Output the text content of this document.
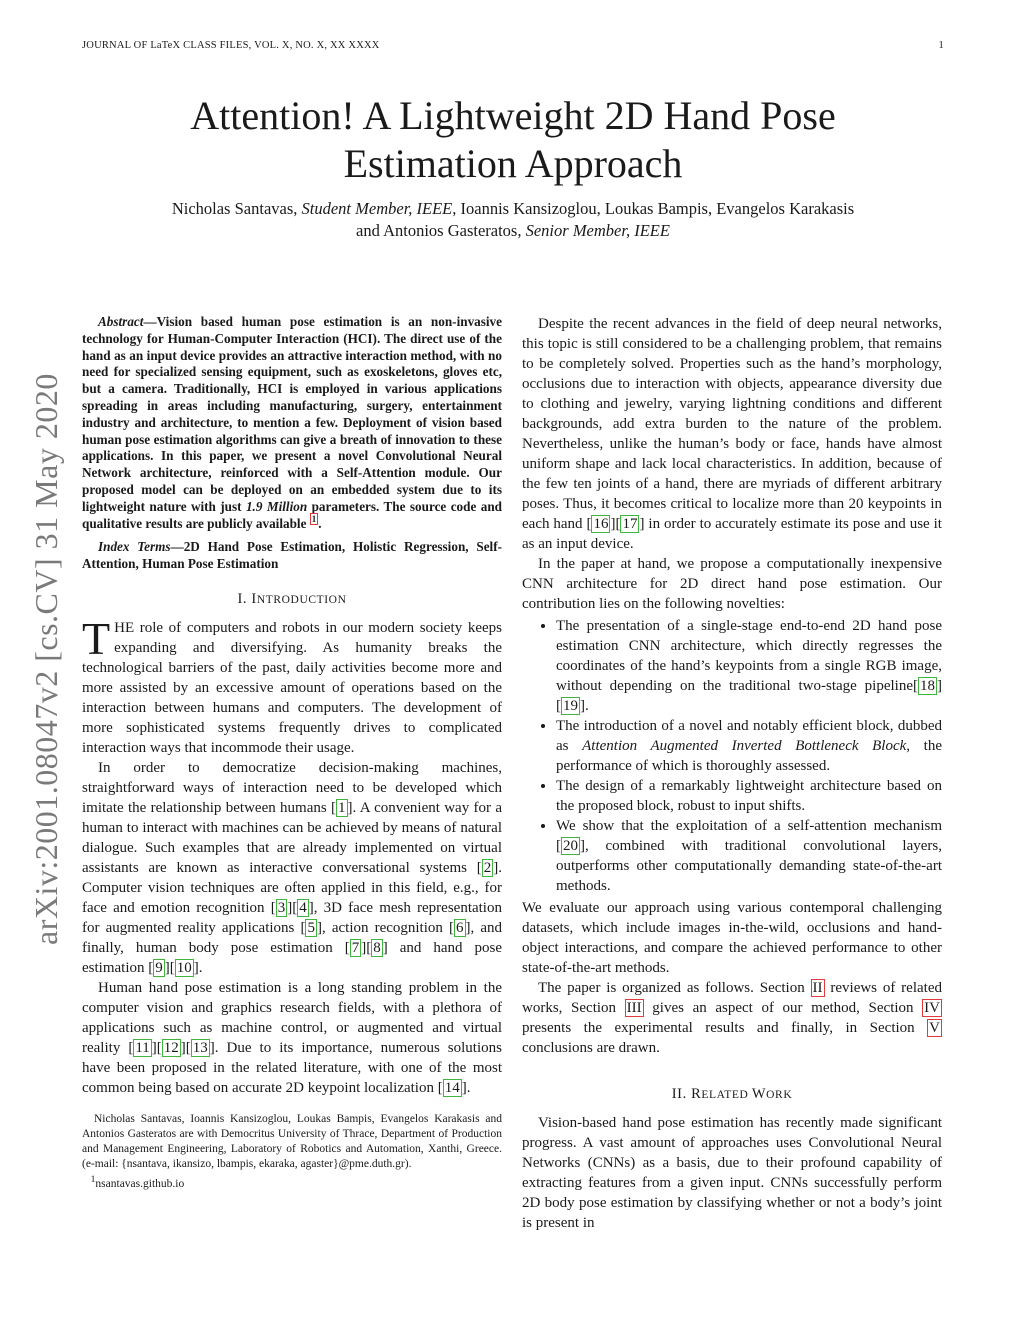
JOURNAL OF LaTeX CLASS FILES, VOL. X, NO. X, XX XXXX	1
Attention! A Lightweight 2D Hand Pose
Estimation Approach
Nicholas Santavas, Student Member, IEEE, Ioannis Kansizoglou, Loukas Bampis, Evangelos Karakasis
and Antonios Gasteratos, Senior Member, IEEE
arXiv:2001.08047v2 [cs.CV] 31 May 2020

Abstract—Vision based human pose estimation is an non-invasive technology for Human-Computer Interaction (HCI). The direct use of the hand as an input device provides an attractive interaction method, with no need for specialized sensing equipment, such as exoskeletons, gloves etc, but a camera. Traditionally, HCI is employed in various applications spreading in areas including manufacturing, surgery, entertainment industry and architecture, to mention a few. Deployment of vision based human pose estimation algorithms can give a breath of innovation to these applications. In this paper, we present a novel Convolutional Neural Network architecture, reinforced with a Self-Attention module. Our proposed model can be deployed on an embedded system due to its lightweight nature with just 1.9 Million parameters. The source code and qualitative results are publicly available $^1$ .

Index Terms—2D Hand Pose Estimation, Holistic Regression, Self-Attention, Human Pose Estimation

I. INTRODUCTION

THE role of computers and robots in our modern society keeps expanding and diversifying. As humanity breaks the technological barriers of the past, daily activities become more and more assisted by an excessive amount of operations based on the interaction between humans and computers. The development of more sophisticated systems frequently drives to complicated interaction ways that incommode their usage.

In order to democratize decision-making machines, straightforward ways of interaction need to be developed which imitate the relationship between humans [ 1 ]. A convenient way for a human to interact with machines can be achieved by means of natural dialogue. Such examples that are already implemented on virtual assistants are known as interactive conversational systems [ 2 ]. Computer vision techniques are often applied in this field, e.g., for face and emotion recognition [ 3 ][ 4 ], 3D face mesh representation for augmented reality applications [ 5 ], action recognition [ 6 ], and finally, human body pose estimation [ 7 ][ 8 ] and hand pose estimation [ 9 ][ 10 ].

Human hand pose estimation is a long standing problem in the computer vision and graphics research fields, with a plethora of applications such as machine control, or augmented and virtual reality [ 11 ][ 12 ][ 13 ]. Due to its importance, numerous solutions have been proposed in the related literature, with one of the most common being based on accurate 2D keypoint localization [ 14 ].

Nicholas Santavas, Ioannis Kansizoglou, Loukas Bampis, Evangelos Karakasis and Antonios Gasteratos are with Democritus University of Thrace, Department of Production and Management Engineering, Laboratory of Robotics and Automation, Xanthi, Greece. (e-mail: {nsantava, ikansizo, lbampis, ekaraka, agaster}@pme.duth.gr).

$^1$nsantavas.github.io

Despite the recent advances in the field of deep neural networks, this topic is still considered to be a challenging problem, that remains to be completely solved. Properties such as the hand’s morphology, occlusions due to interaction with objects, appearance diversity due to clothing and jewelry, varying lightning conditions and different backgrounds, add extra burden to the nature of the problem. Nevertheless, unlike the human’s body or face, hands have almost uniform shape and lack local characteristics. In addition, because of the few ten joints of a hand, there are myriads of different arbitrary poses. Thus, it becomes critical to localize more than 20 keypoints in each hand [ 16 ][ 17 ] in order to accurately estimate its pose and use it as an input device.

In the paper at hand, we propose a computationally inexpensive CNN architecture for 2D direct hand pose estimation. Our contribution lies on the following novelties:

• The presentation of a single-stage end-to-end 2D hand pose estimation CNN architecture, which directly regresses the coordinates of the hand’s keypoints from a single RGB image, without depending on the traditional two-stage pipeline[ 18 ][ 19 ].
• The introduction of a novel and notably efficient block, dubbed as Attention Augmented Inverted Bottleneck Block, the performance of which is thoroughly assessed.
• The design of a remarkably lightweight architecture based on the proposed block, robust to input shifts.
• We show that the exploitation of a self-attention mechanism [ 20 ], combined with traditional convolutional layers, outperforms other computationally demanding state-of-the-art methods.

We evaluate our approach using various contemporal challenging datasets, which include images in-the-wild, occlusions and hand-object interactions, and compare the achieved performance to other state-of-the-art methods.

The paper is organized as follows. Section II reviews of related works, Section III gives an aspect of our method, Section IV presents the experimental results and finally, in Section V conclusions are drawn.

II. RELATED WORK

Vision-based hand pose estimation has recently made significant progress. A vast amount of approaches uses Convolutional Neural Networks (CNNs) as a basis, due to their profound capability of extracting features from a given input. CNNs successfully perform 2D body pose estimation by classifying whether or not a body’s joint is present in
